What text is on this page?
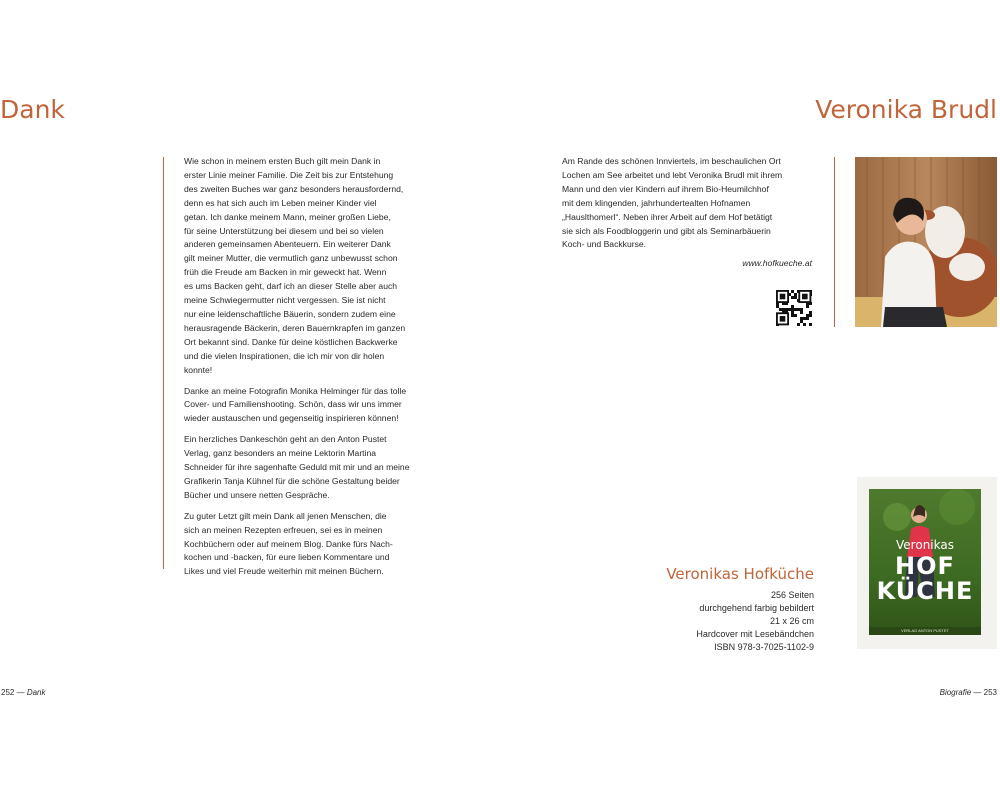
Dank

Wie schon in meinem ersten Buch gilt mein Dank in
erster Linie meiner Familie. Die Zeit bis zur Entstehung
des zweiten Buches war ganz besonders herausfordernd,
denn es hat sich auch im Leben meiner Kinder viel
getan. Ich danke meinem Mann, meiner großen Liebe,
für seine Unterstützung bei diesem und bei so vielen
anderen gemeinsamen Abenteuern. Ein weiterer Dank
gilt meiner Mutter, die vermutlich ganz unbewusst schon
früh die Freude am Backen in mir geweckt hat. Wenn
es ums Backen geht, darf ich an dieser Stelle aber auch
meine Schwiegermutter nicht vergessen. Sie ist nicht
nur eine leidenschaftliche Bäuerin, sondern zudem eine
herausragende Bäckerin, deren Bauernkrapfen im ganzen
Ort bekannt sind. Danke für deine köstlichen Backwerke
und die vielen Inspirationen, die ich mir von dir holen
konnte!

Danke an meine Fotografin Monika Helminger für das tolle
Cover- und Familienshooting. Schön, dass wir uns immer
wieder austauschen und gegenseitig inspirieren können!

Ein herzliches Dankeschön geht an den Anton Pustet
Verlag, ganz besonders an meine Lektorin Martina
Schneider für ihre sagenhafte Geduld mit mir und an meine
Grafikerin Tanja Kühnel für die schöne Gestaltung beider
Bücher und unsere netten Gespräche.

Zu guter Letzt gilt mein Dank all jenen Menschen, die
sich an meinen Rezepten erfreuen, sei es in meinen
Kochbüchern oder auf meinem Blog. Danke fürs Nach-
kochen und -backen, für eure lieben Kommentare und
Likes und viel Freude weiterhin mit meinen Büchern.

252 — Dank
Veronika Brudl

Am Rande des schönen Innviertels, im beschaulichen Ort
Lochen am See arbeitet und lebt Veronika Brudl mit ihrem
Mann und den vier Kindern auf ihrem Bio-Heumilchhof
mit dem klingenden, jahrhundertealten Hofnamen
„Hauslthomerl“. Neben ihrer Arbeit auf dem Hof betätigt
sie sich als Foodbloggerin und gibt als Seminarbäuerin
Koch- und Backkurse.

www.hofkueche.at
Veronikas
HOF
KÜCHE
VERLAG ANTON PUSTET
Veronikas Hofküche
256 Seiten
durchgehend farbig bebildert
21 x 26 cm
Hardcover mit Lesebändchen
ISBN 978-3-7025-1102-9
Biografie — 253
